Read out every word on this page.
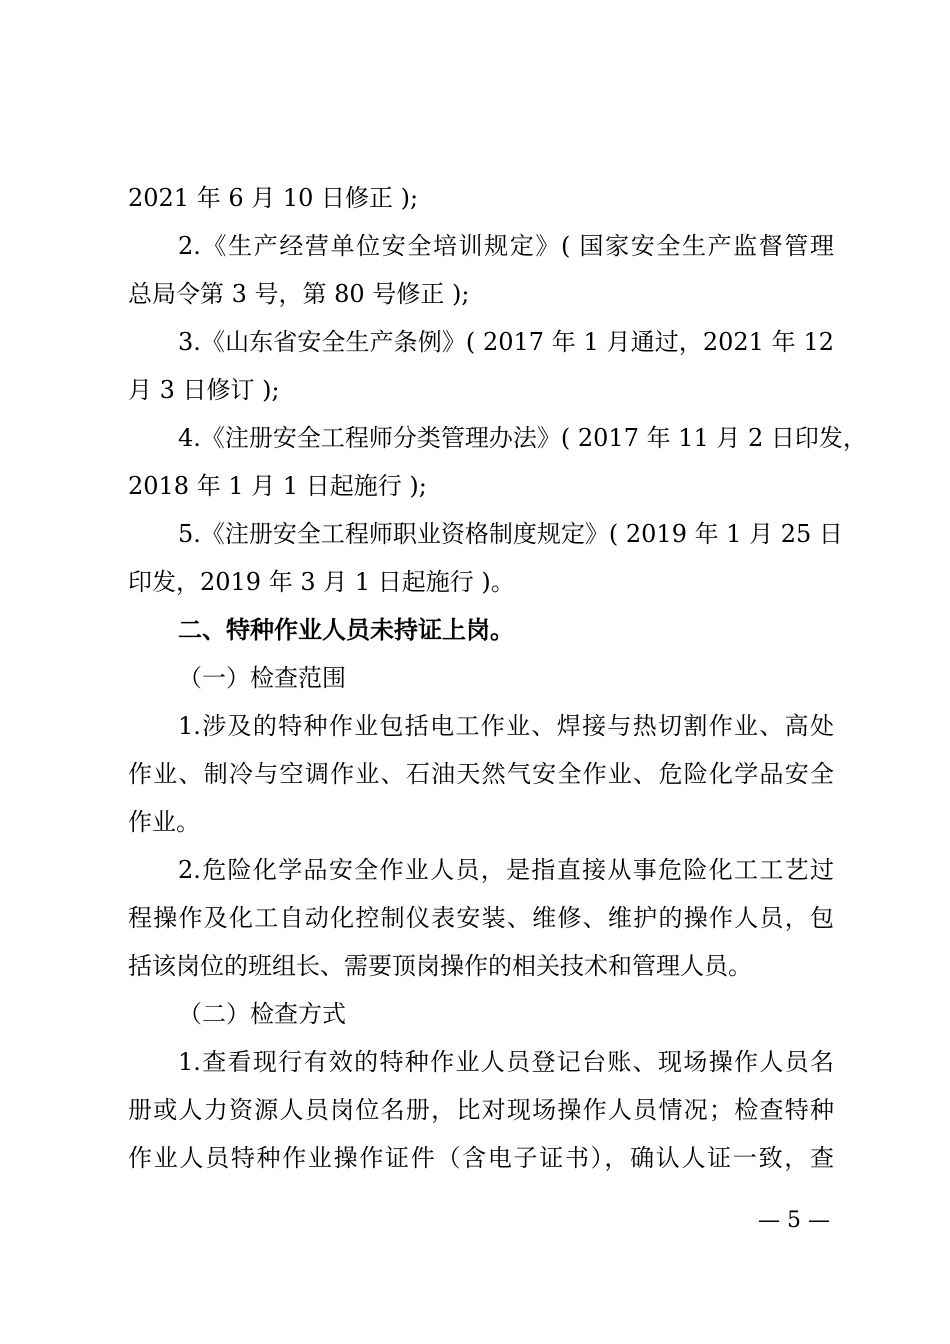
2021 年 6 月 10 日修正 );
2.《生产经营单位安全培训规定》( 国家安全生产监督管理
总局令第 3 号，第 80 号修正 );
3.《山东省安全生产条例》( 2017 年 1 月通过，2021 年 12
月 3 日修订 );
4.《注册安全工程师分类管理办法》( 2017 年 11 月 2 日印发，
2018 年 1 月 1 日起施行 );
5.《注册安全工程师职业资格制度规定》( 2019 年 1 月 25 日
印发，2019 年 3 月 1 日起施行 )。
二、特种作业人员未持证上岗。
（一）检查范围
1.涉及的特种作业包括电工作业、焊接与热切割作业、高处
作业、制冷与空调作业、石油天然气安全作业、危险化学品安全
作业。
2.危险化学品安全作业人员，是指直接从事危险化工工艺过
程操作及化工自动化控制仪表安装、维修、维护的操作人员，包
括该岗位的班组长、需要顶岗操作的相关技术和管理人员。
（二）检查方式
1.查看现行有效的特种作业人员登记台账、现场操作人员名
册或人力资源人员岗位名册，比对现场操作人员情况；检查特种
作业人员特种作业操作证件（含电子证书），确认人证一致，查
— 5 —
